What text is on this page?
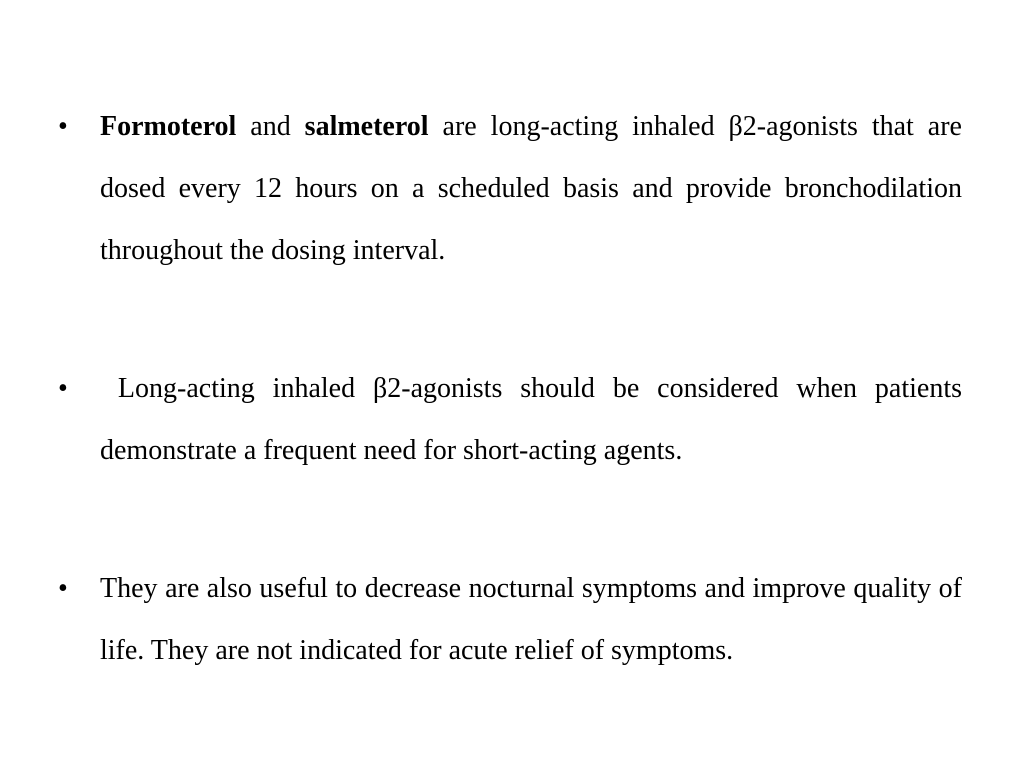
• Formoterol and salmeterol are long-acting inhaled β2-agonists that are dosed every 12 hours on a scheduled basis and provide bronchodilation throughout the dosing interval.
• Long-acting inhaled β2-agonists should be considered when patients demonstrate a frequent need for short-acting agents.
• They are also useful to decrease nocturnal symptoms and improve quality of life. They are not indicated for acute relief of symptoms.
